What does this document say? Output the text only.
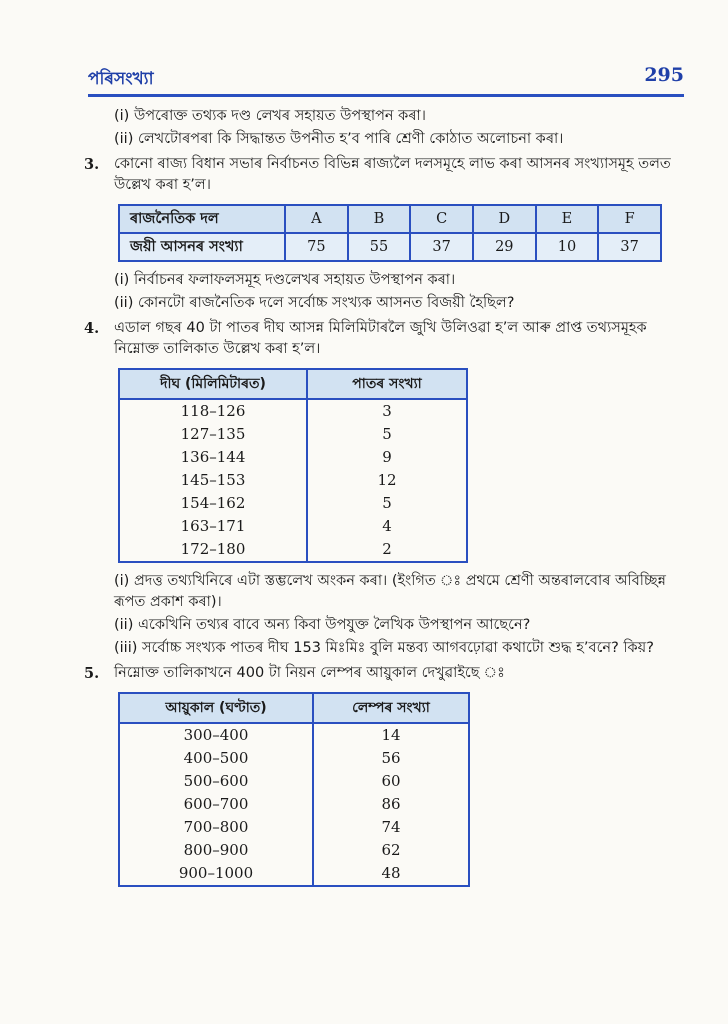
পৰিসংখ্যা	295
(i) উপৰোক্ত তথ্যক দণ্ড লেখৰ সহায়ত উপস্থাপন কৰা।
(ii) লেখটোৰপৰা কি সিদ্ধান্তত উপনীত হ’ব পাৰি শ্ৰেণী কোঠাত অলোচনা কৰা।
3. কোনো ৰাজ্য বিধান সভাৰ নিৰ্বাচনত বিভিন্ন ৰাজ্যলৈ দলসমূহে লাভ কৰা আসনৰ সংখ্যাসমূহ তলত উল্লেখ কৰা হ’ল।
ৰাজনৈতিক দল	A	B	C	D	E	F
জয়ী আসনৰ সংখ্যা	75	55	37	29	10	37
(i) নিৰ্বাচনৰ ফলাফলসমূহ দণ্ডলেখৰ সহায়ত উপস্থাপন কৰা।
(ii) কোনটো ৰাজনৈতিক দলে সৰ্বোচ্চ সংখ্যক আসনত বিজয়ী হৈছিল?
4. এডাল গছৰ 40 টা পাতৰ দীঘ আসন্ন মিলিমিটাৰলৈ জুখি উলিওৱা হ’ল আৰু প্ৰাপ্ত তথ্যসমূহক নিম্নোক্ত তালিকাত উল্লেখ কৰা হ’ল।
দীঘ (মিলিমিটাৰত)	পাতৰ সংখ্যা
118–126	3
127–135	5
136–144	9
145–153	12
154–162	5
163–171	4
172–180	2
(i) প্ৰদত্ত তথ্যখিনিৰে এটা স্তম্ভলেখ অংকন কৰা। (ইংগিত ঃ প্ৰথমে শ্ৰেণী অন্তৰালবোৰ অবিচ্ছিন্ন ৰূপত প্ৰকাশ কৰা)।
(ii) একেখিনি তথ্যৰ বাবে অন্য কিবা উপযুক্ত লৈখিক উপস্থাপন আছেনে?
(iii) সৰ্বোচ্চ সংখ্যক পাতৰ দীঘ 153 মিঃমিঃ বুলি মন্তব্য আগবঢ়োৱা কথাটো শুদ্ধ হ’বনে? কিয়?
5. নিম্নোক্ত তালিকাখনে 400 টা নিয়ন লেম্পৰ আয়ুকাল দেখুৱাইছে ঃ
আয়ুকাল (ঘণ্টাত)	লেম্পৰ সংখ্যা
300–400	14
400–500	56
500–600	60
600–700	86
700–800	74
800–900	62
900–1000	48
